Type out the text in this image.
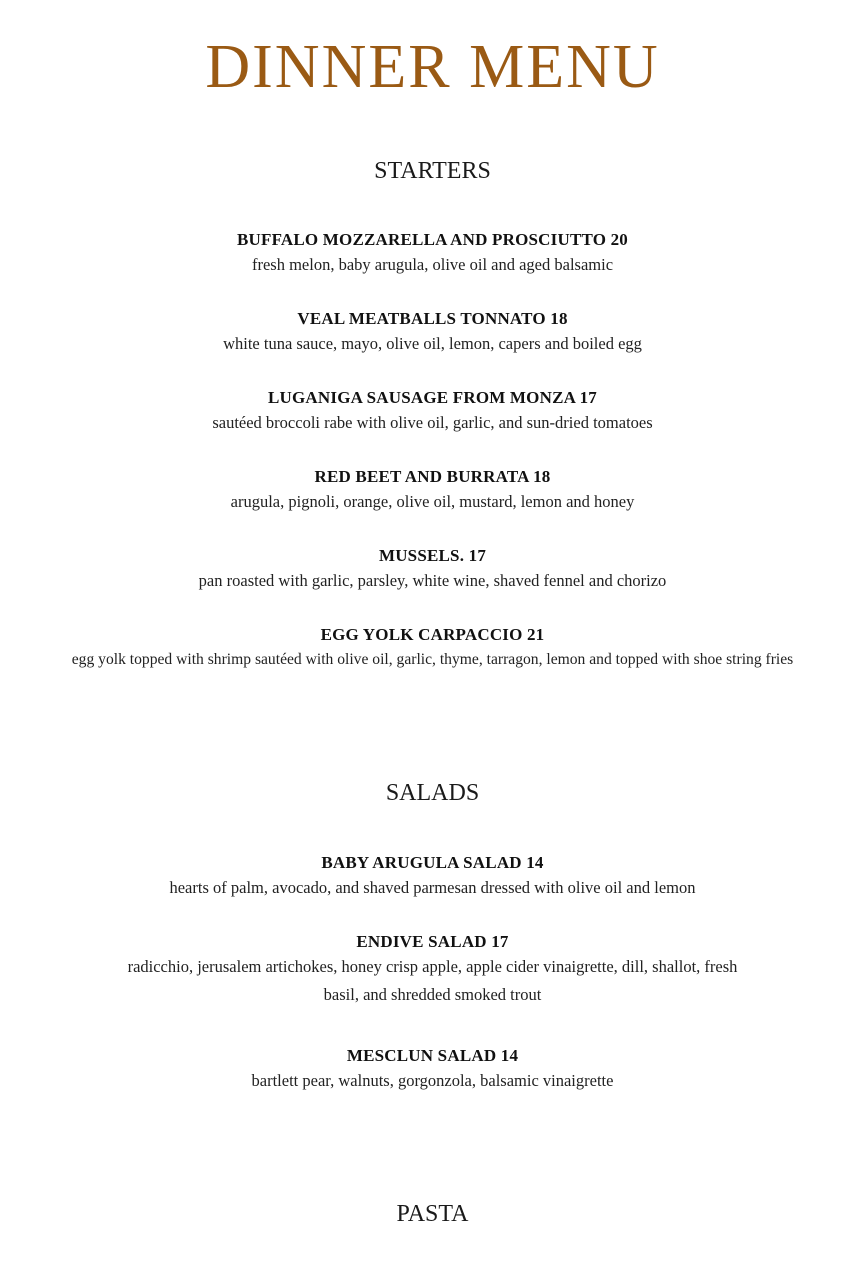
DINNER MENU
STARTERS
BUFFALO MOZZARELLA AND PROSCIUTTO 20
fresh melon, baby arugula, olive oil and aged balsamic
VEAL MEATBALLS TONNATO 18
white tuna sauce, mayo, olive oil, lemon, capers and boiled egg
LUGANIGA SAUSAGE FROM MONZA 17
sautéed broccoli rabe with olive oil, garlic, and sun-dried tomatoes
RED BEET AND BURRATA 18
arugula, pignoli, orange, olive oil, mustard, lemon and honey
MUSSELS. 17
pan roasted with garlic, parsley, white wine, shaved fennel and chorizo
EGG YOLK CARPACCIO 21
egg yolk topped with shrimp sautéed with olive oil, garlic, thyme, tarragon, lemon and topped with shoe string fries
SALADS
BABY ARUGULA SALAD 14
hearts of palm, avocado, and shaved parmesan dressed with olive oil and lemon
ENDIVE SALAD 17
radicchio, jerusalem artichokes, honey crisp apple, apple cider vinaigrette, dill, shallot, fresh basil, and shredded smoked trout
MESCLUN SALAD 14
bartlett pear, walnuts, gorgonzola, balsamic vinaigrette
PASTA
